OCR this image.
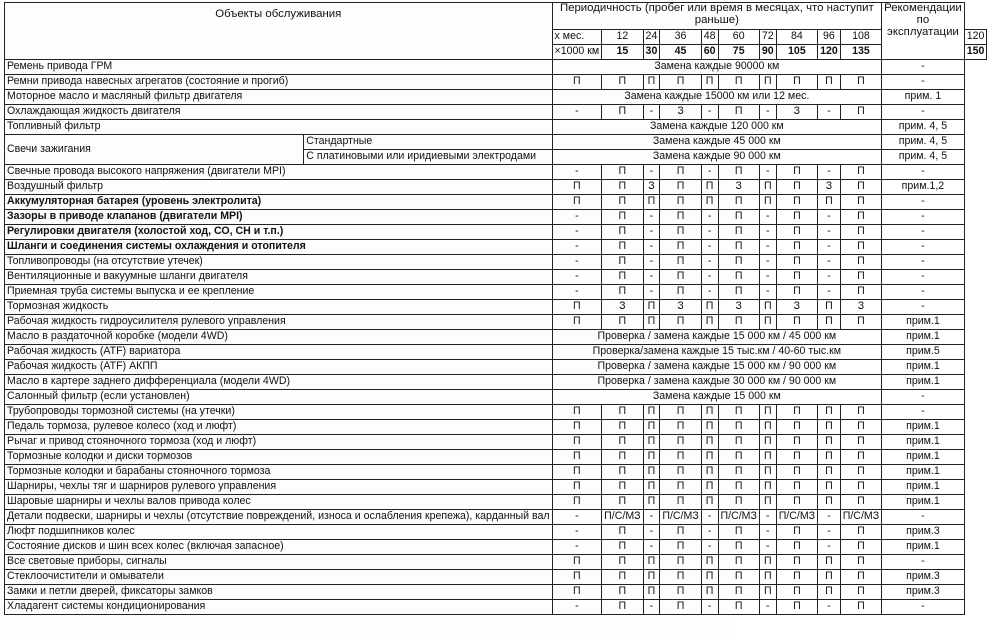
Объекты обслуживания		Периодичность (пробег или время в месяцах, что наступит раньше)										Рекомендации по эксплуатации	
		х мес.	12	24	36	48	60	72	84	96	108		120
		×1000 км	15	30	45	60	75	90	105	120	135		150
Ремень привода ГРМ		Замена каждые 90000 км										-	
Ремни привода навесных агрегатов (состояние и прогиб)		П	П	П	П	П	П	П	П	П	П	-	
Моторное масло и масляный фильтр двигателя		Замена каждые 15000 км или 12 мес.										прим. 1	
Охлаждающая жидкость двигателя		-	П	-	З	-	П	-	З	-	П	-	
Топливный фильтр		Замена каждые 120 000 км										прим. 4, 5	
Свечи зажигания	Стандартные	Замена каждые 45 000 км										прим. 4, 5	
	С платиновыми или иридиевыми электродами	Замена каждые 90 000 км										прим. 4, 5	
Свечные провода высокого напряжения (двигатели MPI)		-	П	-	П	-	П	-	П	-	П	-	
Воздушный фильтр		П	П	З	П	П	З	П	П	З	П	прим.1,2	
Аккумуляторная батарея (уровень электролита)		П	П	П	П	П	П	П	П	П	П	-	
Зазоры в приводе клапанов (двигатели MPI)		-	П	-	П	-	П	-	П	-	П	-	
Регулировки двигателя (холостой ход, СО, СН и т.п.)		-	П	-	П	-	П	-	П	-	П	-	
Шланги и соединения системы охлаждения и отопителя		-	П	-	П	-	П	-	П	-	П	-	
Топливопроводы (на отсутствие утечек)		-	П	-	П	-	П	-	П	-	П	-	
Вентиляционные и вакуумные шланги двигателя		-	П	-	П	-	П	-	П	-	П	-	
Приемная труба системы выпуска и ее крепление		-	П	-	П	-	П	-	П	-	П	-	
Тормозная жидкость		П	З	П	З	П	З	П	З	П	З	-	
Рабочая жидкость гидроусилителя рулевого управления		П	П	П	П	П	П	П	П	П	П	прим.1	
Масло в раздаточной коробке (модели 4WD)		Проверка / замена каждые 15 000 км / 45 000 км										прим.1	
Рабочая жидкость (ATF) вариатора		Проверка/замена каждые 15 тыс.км / 40-60 тыс.км										прим.5	
Рабочая жидкость (ATF) АКПП		Проверка / замена каждые 15 000 км / 90 000 км										прим.1	
Масло в картере заднего дифференциала (модели 4WD)		Проверка / замена каждые 30 000 км / 90 000 км										прим.1	
Салонный фильтр (если установлен)		Замена каждые 15 000 км										-	
Трубопроводы тормозной системы (на утечки)		П	П	П	П	П	П	П	П	П	П	-	
Педаль тормоза, рулевое колесо (ход и люфт)		П	П	П	П	П	П	П	П	П	П	прим.1	
Рычаг и привод стояночного тормоза (ход и люфт)		П	П	П	П	П	П	П	П	П	П	прим.1	
Тормозные колодки и диски тормозов		П	П	П	П	П	П	П	П	П	П	прим.1	
Тормозные колодки и барабаны стояночного тормоза		П	П	П	П	П	П	П	П	П	П	прим.1	
Шарниры, чехлы тяг и шарниров рулевого управления		П	П	П	П	П	П	П	П	П	П	прим.1	
Шаровые шарниры и чехлы валов привода колес		П	П	П	П	П	П	П	П	П	П	прим.1	
Детали подвески, шарниры и чехлы (отсутствие повреждений, износа и ослабления крепежа), карданный вал		-	П/С/МЗ	-	П/С/МЗ	-	П/С/МЗ	-	П/С/МЗ	-	П/С/МЗ	-	
Люфт подшипников колес		-	П	-	П	-	П	-	П	-	П	прим.3	
Состояние дисков и шин всех колес (включая запасное)		-	П	-	П	-	П	-	П	-	П	прим.1	
Все световые приборы, сигналы		П	П	П	П	П	П	П	П	П	П	-	
Стеклоочистители и омыватели		П	П	П	П	П	П	П	П	П	П	прим.3	
Замки и петли дверей, фиксаторы замков		П	П	П	П	П	П	П	П	П	П	прим.3	
Хладагент системы кондиционирования		-	П	-	П	-	П	-	П	-	П	-	
